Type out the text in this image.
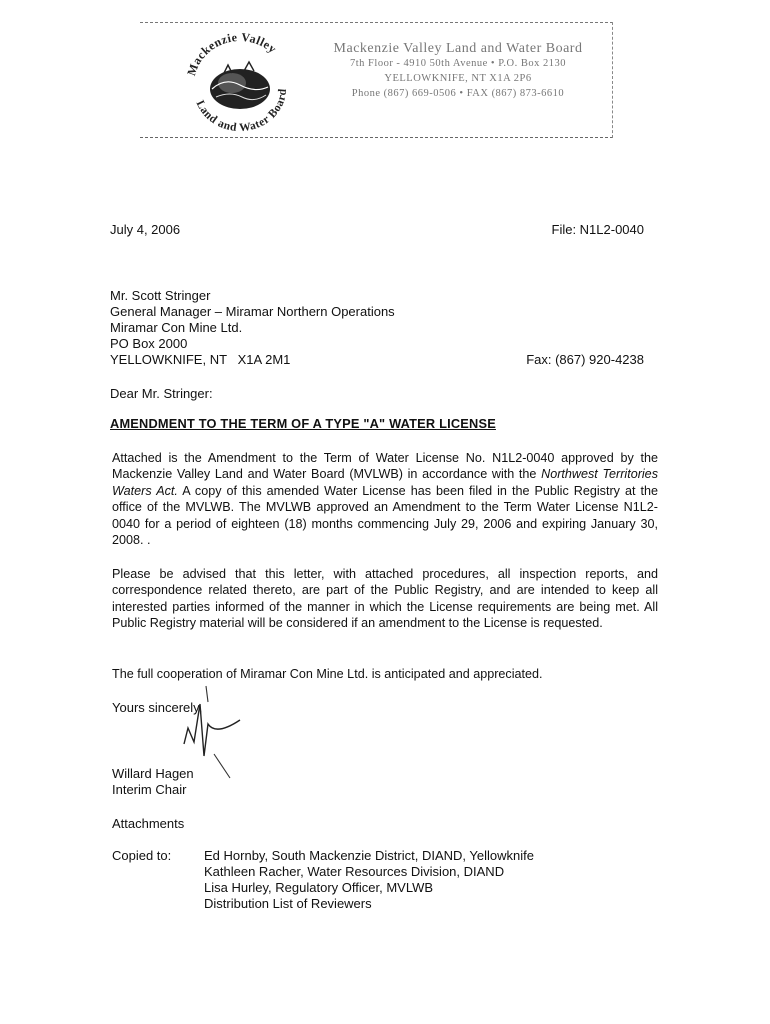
Mackenzie Valley
Land and Water Board
Mackenzie Valley Land and Water Board
7th Floor - 4910 50th Avenue • P.O. Box 2130
YELLOWKNIFE, NT X1A 2P6
Phone (867) 669-0506 • FAX (867) 873-6610
July 4, 2006	File: N1L2-0040
Mr. Scott Stringer
General Manager – Miramar Northern Operations
Miramar Con Mine Ltd.
PO Box 2000
YELLOWKNIFE, NT   X1A 2M1	Fax: (867) 920-4238
Dear Mr. Stringer:
AMENDMENT TO THE TERM OF A TYPE "A" WATER LICENSE
Attached is the Amendment to the Term of Water License No. N1L2-0040 approved by the Mackenzie Valley Land and Water Board (MVLWB) in accordance with the Northwest Territories Waters Act. A copy of this amended Water License has been filed in the Public Registry at the office of the MVLWB. The MVLWB approved an Amendment to the Term Water License N1L2-0040 for a period of eighteen (18) months commencing July 29, 2006 and expiring January 30, 2008. .
Please be advised that this letter, with attached procedures, all inspection reports, and correspondence related thereto, are part of the Public Registry, and are intended to keep all interested parties informed of the manner in which the License requirements are being met. All Public Registry material will be considered if an amendment to the License is requested.
The full cooperation of Miramar Con Mine Ltd. is anticipated and appreciated.
Yours sincerely,
Willard Hagen
Interim Chair
Attachments
Copied to:	Ed Hornby, South Mackenzie District, DIAND, Yellowknife
Kathleen Racher, Water Resources Division, DIAND
Lisa Hurley, Regulatory Officer, MVLWB
Distribution List of Reviewers
